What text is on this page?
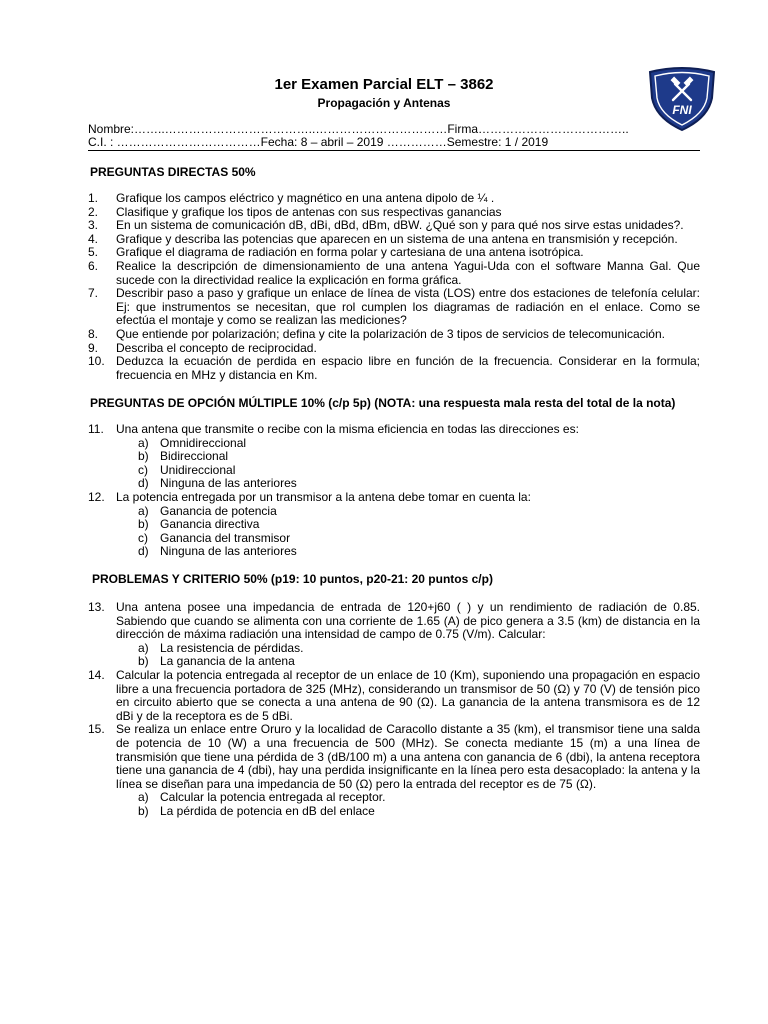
1er Examen Parcial ELT – 3862
Propagación y Antenas	FNI
Nombre:……..………………………………..……………………………Firma………………………………..
C.I. : ………………………………Fecha: 8 – abril – 2019 ……………Semestre: 1 / 2019
PREGUNTAS DIRECTAS 50%
1.	Grafique los campos eléctrico y magnético en una antena dipolo de ¼ .
2.	Clasifique y grafique los tipos de antenas con sus respectivas ganancias
3.	En un sistema de comunicación dB, dBi, dBd, dBm, dBW. ¿Qué son y para qué nos sirve estas unidades?.
4.	Grafique y describa las potencias que aparecen en un sistema de una antena en transmisión y recepción.
5.	Grafique el diagrama de radiación en forma polar y cartesiana de una antena isotrópica.
6.	Realice la descripción de dimensionamiento de una antena Yagui-Uda con el software Manna Gal. Que sucede con la directividad realice la explicación en forma gráfica.
7.	Describir paso a paso y grafique un enlace de línea de vista (LOS) entre dos estaciones de telefonía celular: Ej: que instrumentos se necesitan, que rol cumplen los diagramas de radiación en el enlace. Como se efectúa el montaje y como se realizan las mediciones?
8.	Que entiende por polarización; defina y cite la polarización de 3 tipos de servicios de telecomunicación.
9.	Describa el concepto de reciprocidad.
10. Deduzca la ecuación de perdida en espacio libre en función de la frecuencia. Considerar en la formula; frecuencia en MHz y distancia en Km.
PREGUNTAS DE OPCIÓN MÚLTIPLE 10% (c/p 5p) (NOTA: una respuesta mala resta del total de la nota)
11.	Una antena que transmite o recibe con la misma eficiencia en todas las direcciones es:
a) Omnidireccional
b) Bidireccional
c) Unidireccional
d) Ninguna de las anteriores
12. La potencia entregada por un transmisor a la antena debe tomar en cuenta la:
a) Ganancia de potencia
b) Ganancia directiva
c) Ganancia del transmisor
d) Ninguna de las anteriores
PROBLEMAS Y CRITERIO 50% (p19: 10 puntos, p20-21: 20 puntos c/p)
13. Una antena posee una impedancia de entrada de 120+j60 ( ) y un rendimiento de radiación de 0.85. Sabiendo que cuando se alimenta con una corriente de 1.65 (A) de pico genera a 3.5 (km) de distancia en la dirección de máxima radiación una intensidad de campo de 0.75 (V/m). Calcular:
a) La resistencia de pérdidas.
b) La ganancia de la antena
14. Calcular la potencia entregada al receptor de un enlace de 10 (Km), suponiendo una propagación en espacio libre a una frecuencia portadora de 325 (MHz), considerando un transmisor de 50 (Ω) y 70 (V) de tensión pico en circuito abierto que se conecta a una antena de 90 (Ω). La ganancia de la antena transmisora es de 12 dBi y de la receptora es de 5 dBi.
15. Se realiza un enlace entre Oruro y la localidad de Caracollo distante a 35 (km), el transmisor tiene una salda de potencia de 10 (W) a una frecuencia de 500 (MHz). Se conecta mediante 15 (m) a una línea de transmisión que tiene una pérdida de 3 (dB/100 m) a una antena con ganancia de 6 (dbi), la antena receptora tiene una ganancia de 4 (dbi), hay una perdida insignificante en la línea pero esta desacoplado: la antena y la línea se diseñan para una impedancia de 50 (Ω) pero la entrada del receptor es de 75 (Ω).
a) Calcular la potencia entregada al receptor.
b) La pérdida de potencia en dB del enlace
